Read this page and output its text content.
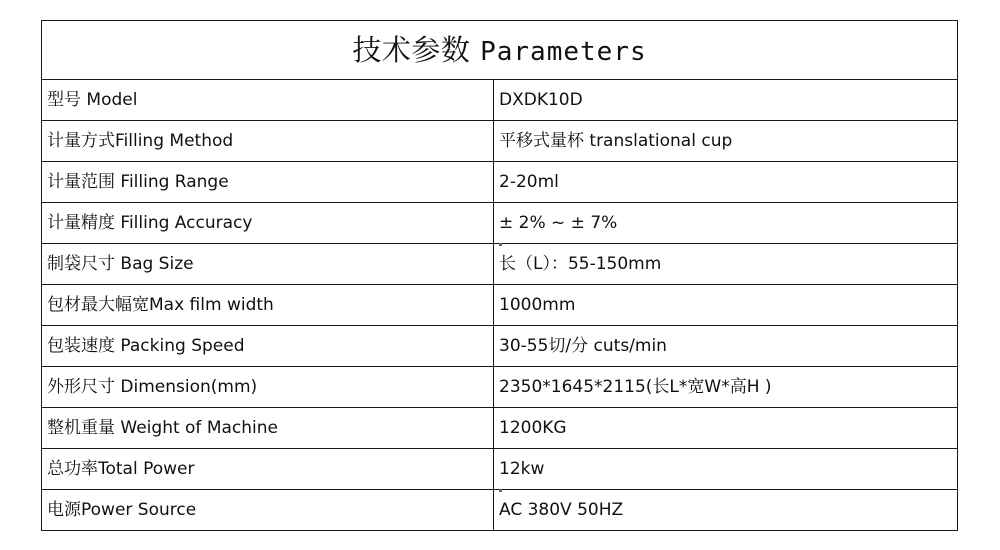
技术参数 Parameters	
型号 Model	DXDK10D
计量方式Filling Method	平移式量杯 translational cup
计量范围 Filling Range	2-20ml
计量精度 Filling Accuracy	± 2% ~ ± 7%
制袋尺寸 Bag Size	长（L）：55-150mm
包材最大幅宽Max film width	1000mm
包装速度 Packing Speed	30-55切/分 cuts/min
外形尺寸 Dimension(mm)	2350*1645*2115(长L*宽W*高H )
整机重量 Weight of Machine	1200KG
总功率Total Power	12kw
电源Power Source	AC 380V 50HZ
